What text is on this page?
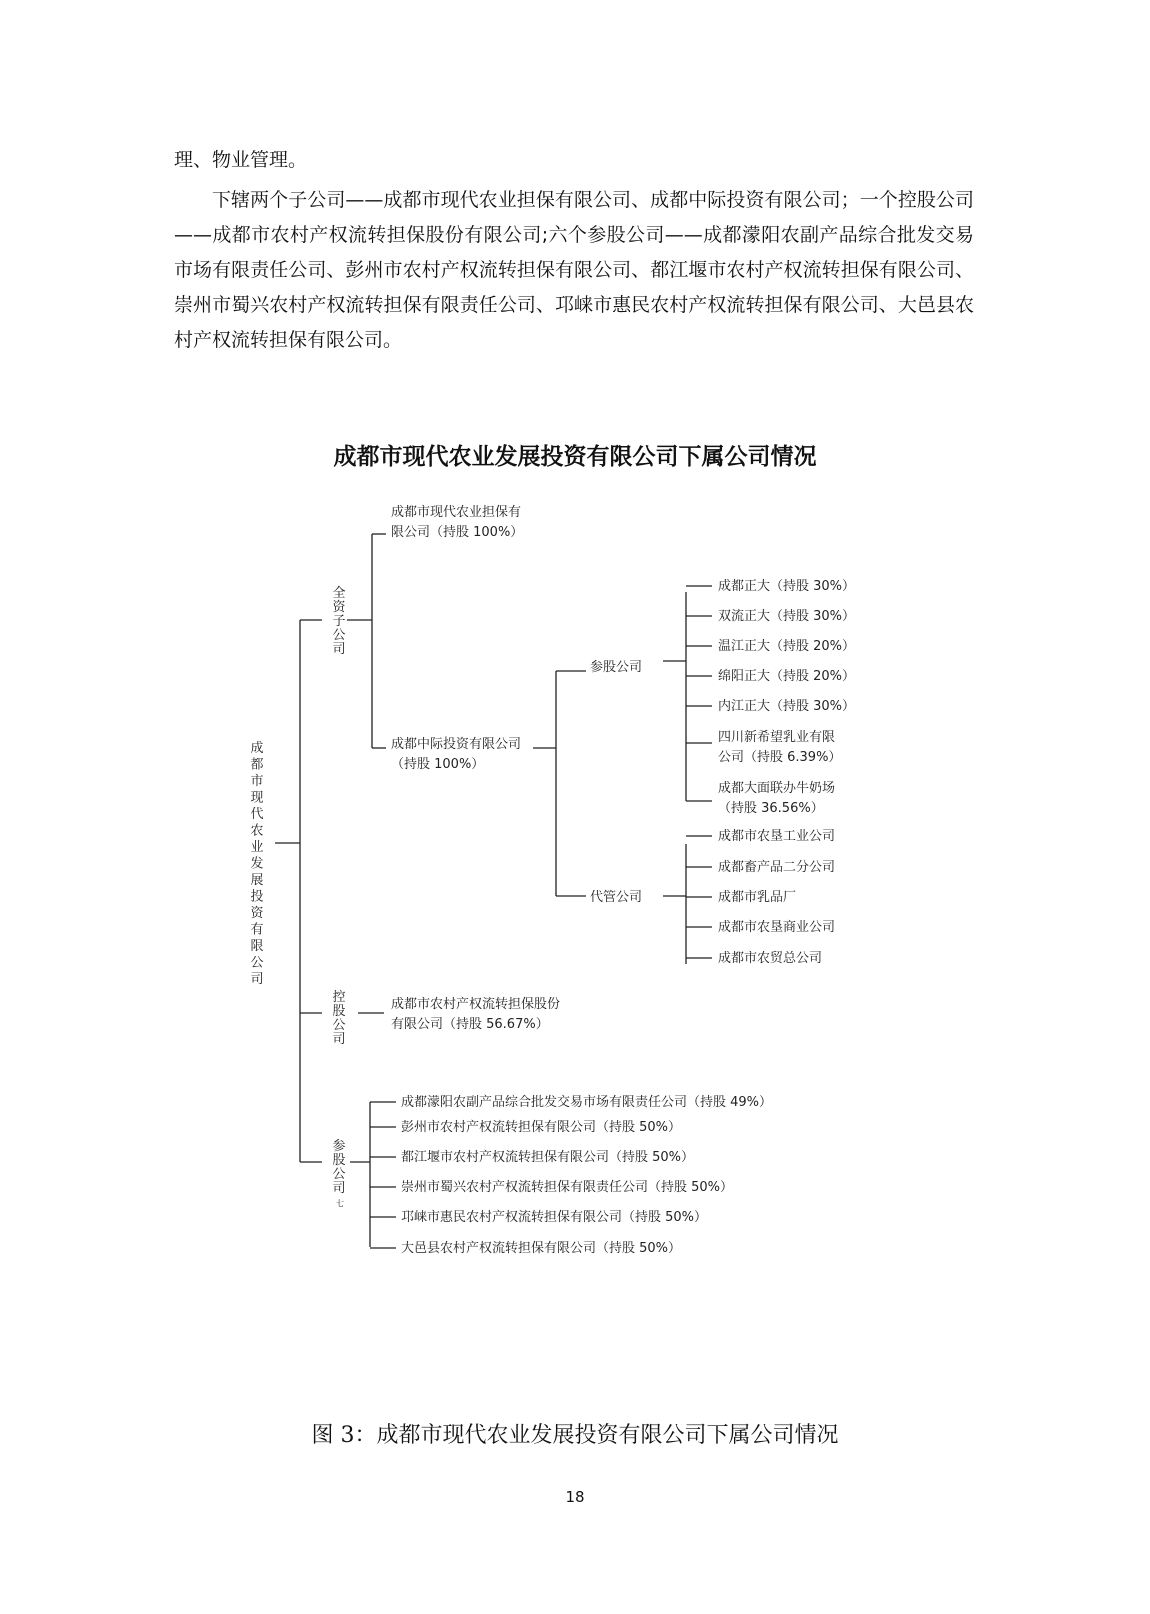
理、物业管理。

下辖两个子公司——成都市现代农业担保有限公司、成都中际投资有限公司；一个控股公司——成都市农村产权流转担保股份有限公司;六个参股公司——成都濛阳农副产品综合批发交易市场有限责任公司、彭州市农村产权流转担保有限公司、都江堰市农村产权流转担保有限公司、崇州市蜀兴农村产权流转担保有限责任公司、邛崃市惠民农村产权流转担保有限公司、大邑县农村产权流转担保有限公司。

成都市现代农业发展投资有限公司下属公司情况
成
都
市
现
代
农
业
发
展
投
资
有
限
公
司
全
资
子
公
司
成都市现代农业担保有
限公司（持股 100%）
成都中际投资有限公司
（持股 100%）
参股公司
代管公司
成都正大（持股 30%）
双流正大（持股 30%）
温江正大（持股 20%）
绵阳正大（持股 20%）
内江正大（持股 30%）
四川新希望乳业有限
公司（持股 6.39%）
成都大面联办牛奶场
（持股 36.56%）
成都市农垦工业公司
成都畜产品二分公司
成都市乳品厂
成都市农垦商业公司
成都市农贸总公司
控
股
公
司
成都市农村产权流转担保股份
有限公司（持股 56.67%）
参
股
公
司
七
成都濛阳农副产品综合批发交易市场有限责任公司（持股 49%）
彭州市农村产权流转担保有限公司（持股 50%）
都江堰市农村产权流转担保有限公司（持股 50%）
崇州市蜀兴农村产权流转担保有限责任公司（持股 50%）
邛崃市惠民农村产权流转担保有限公司（持股 50%）
大邑县农村产权流转担保有限公司（持股 50%）

图 3：成都市现代农业发展投资有限公司下属公司情况

18
